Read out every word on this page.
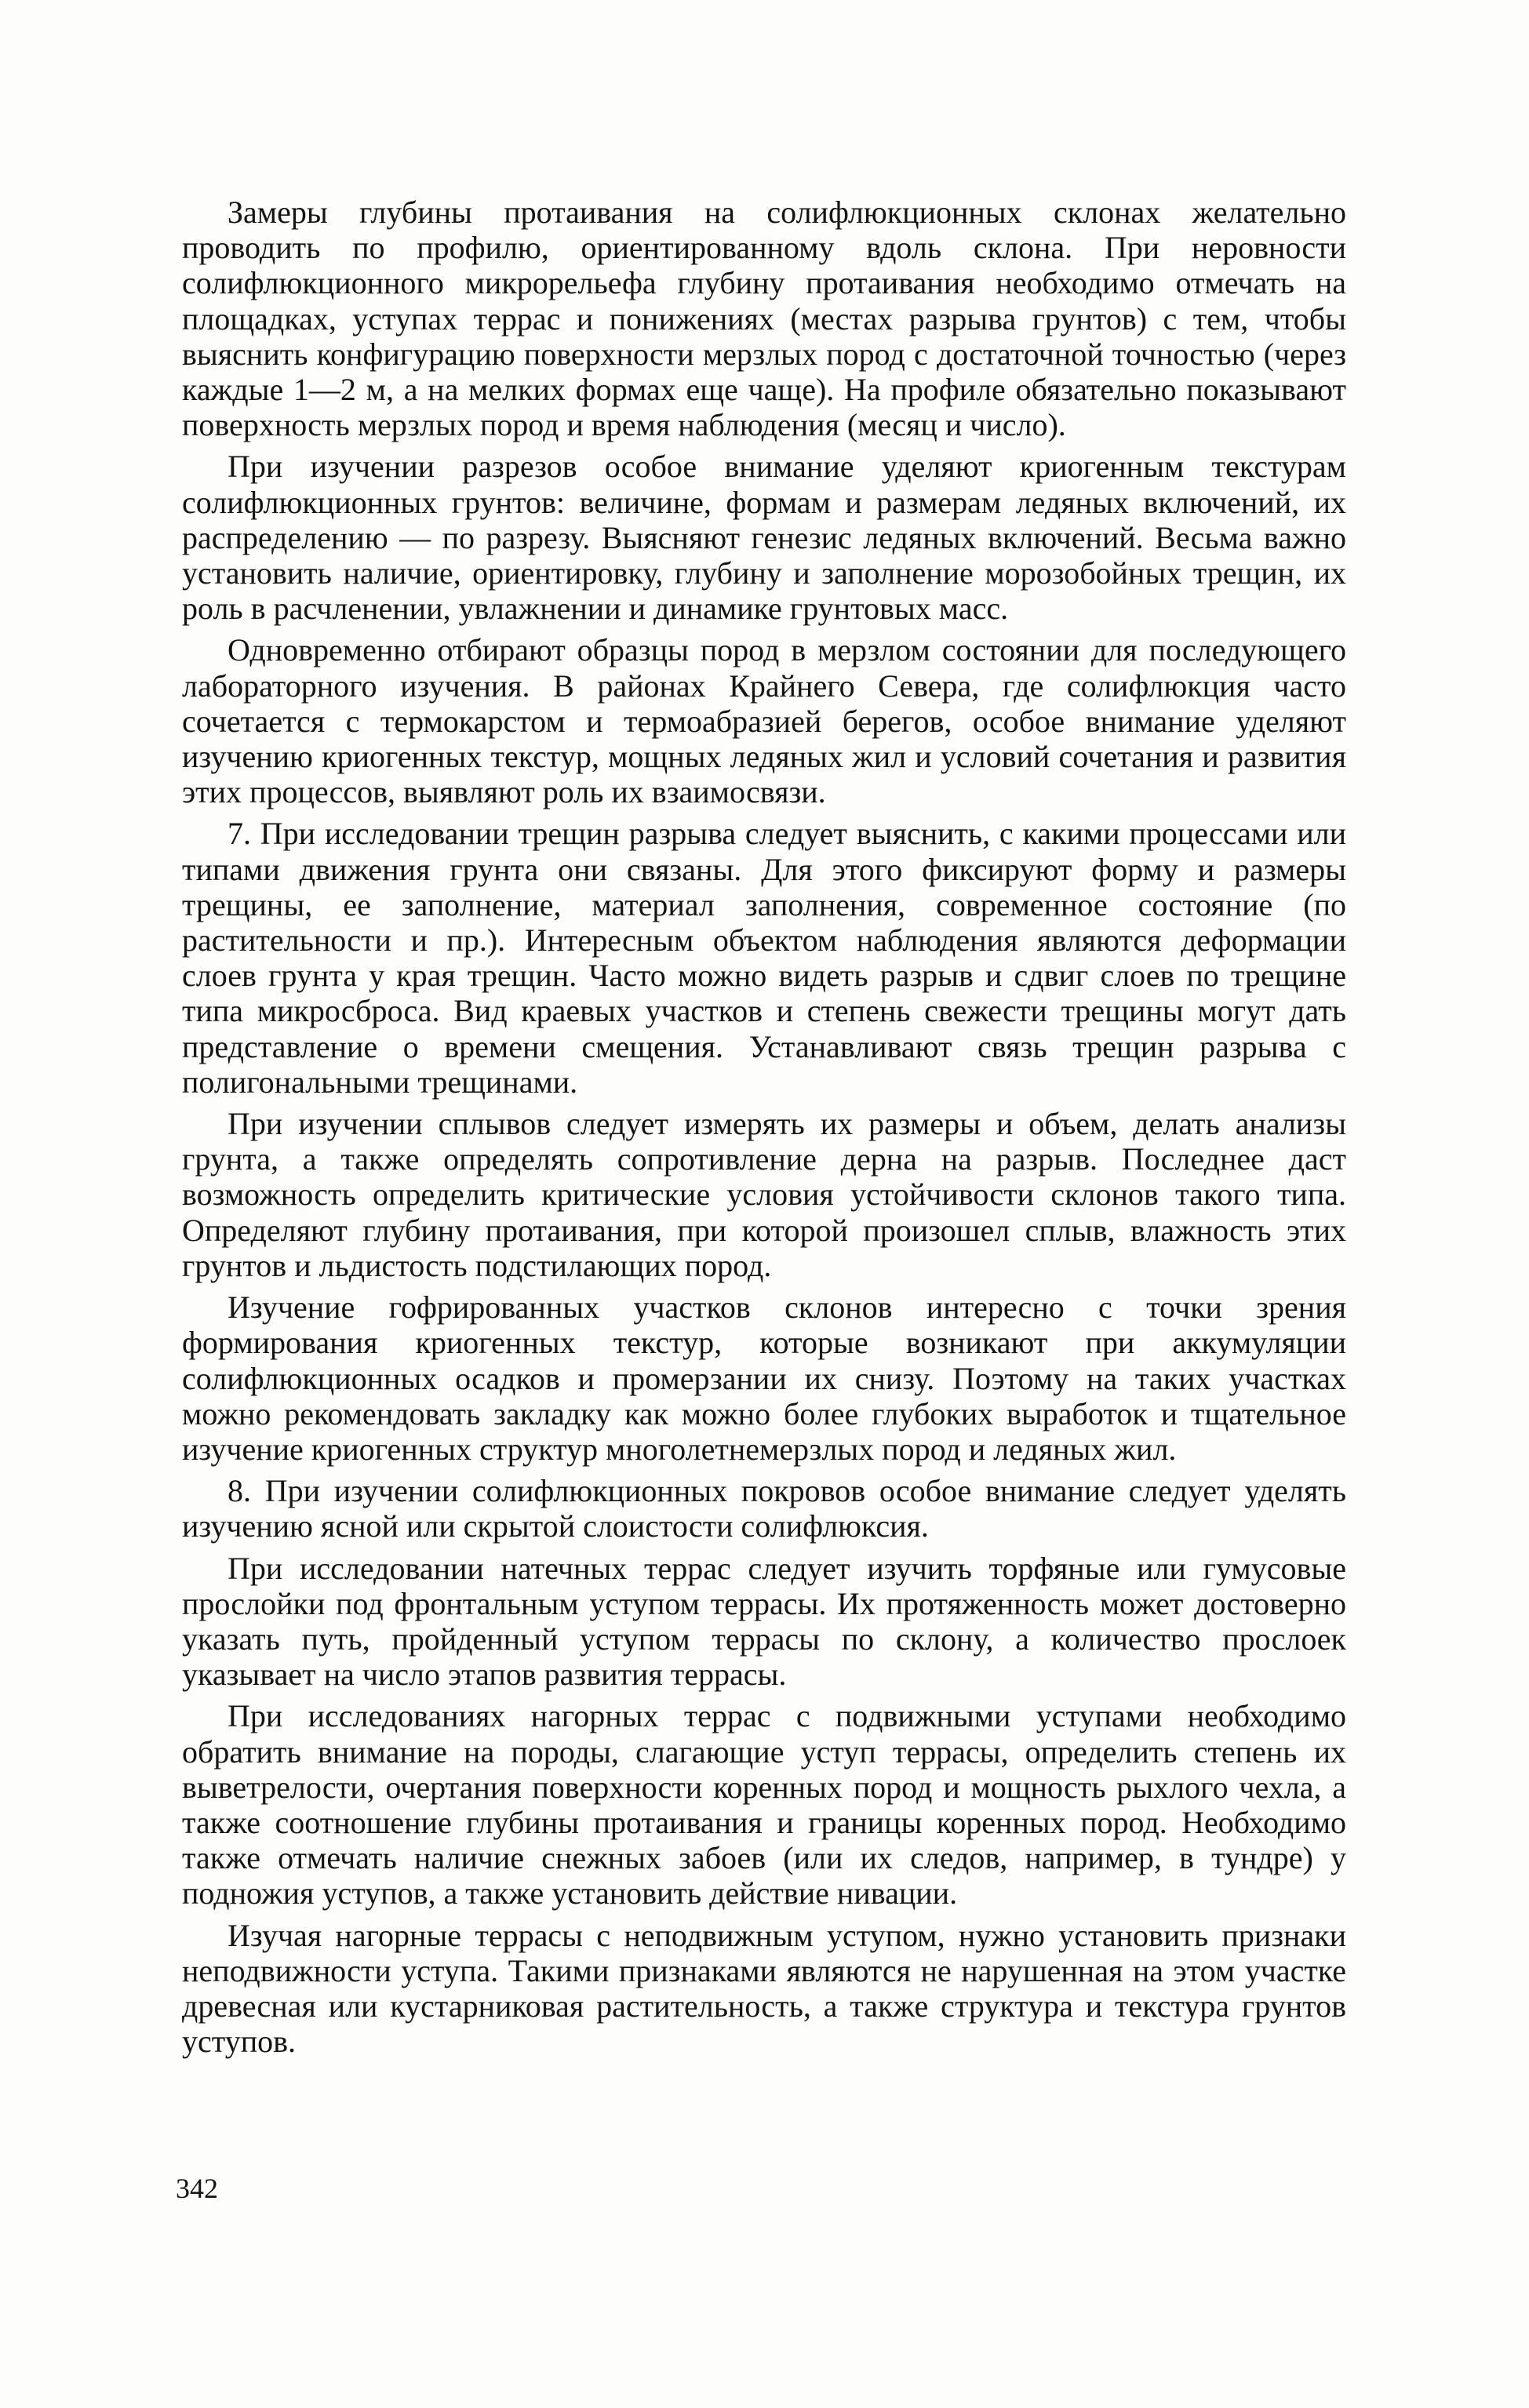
Замеры глубины протаивания на солифлюкционных склонах желательно проводить по профилю, ориентированному вдоль склона. При неровности солифлюкционного микрорельефа глубину протаивания необходимо отмечать на площадках, уступах террас и понижениях (местах разрыва грунтов) с тем, чтобы выяснить конфигурацию поверхности мерзлых пород с достаточной точностью (через каждые 1—2 м, а на мелких формах еще чаще). На профиле обязательно показывают поверхность мерзлых пород и время наблюдения (месяц и число).

При изучении разрезов особое внимание уделяют криогенным текстурам солифлюкционных грунтов: величине, формам и размерам ледяных включений, их распределению — по разрезу. Выясняют генезис ледяных включений. Весьма важно установить наличие, ориентировку, глубину и заполнение морозобойных трещин, их роль в расчленении, увлажнении и динамике грунтовых масс.

Одновременно отбирают образцы пород в мерзлом состоянии для последующего лабораторного изучения. В районах Крайнего Севера, где солифлюкция часто сочетается с термокарстом и термоабразией берегов, особое внимание уделяют изучению криогенных текстур, мощных ледяных жил и условий сочетания и развития этих процессов, выявляют роль их взаимосвязи.

7. При исследовании трещин разрыва следует выяснить, с какими процессами или типами движения грунта они связаны. Для этого фиксируют форму и размеры трещины, ее заполнение, материал заполнения, современное состояние (по растительности и пр.). Интересным объектом наблюдения являются деформации слоев грунта у края трещин. Часто можно видеть разрыв и сдвиг слоев по трещине типа микросброса. Вид краевых участков и степень свежести трещины могут дать представление о времени смещения. Устанавливают связь трещин разрыва с полигональными трещинами.

При изучении сплывов следует измерять их размеры и объем, делать анализы грунта, а также определять сопротивление дерна на разрыв. Последнее даст возможность определить критические условия устойчивости склонов такого типа. Определяют глубину протаивания, при которой произошел сплыв, влажность этих грунтов и льдистость подстилающих пород.

Изучение гофрированных участков склонов интересно с точки зрения формирования криогенных текстур, которые возникают при аккумуляции солифлюкционных осадков и промерзании их снизу. Поэтому на таких участках можно рекомендовать закладку как можно более глубоких выработок и тщательное изучение криогенных структур многолетнемерзлых пород и ледяных жил.

8. При изучении солифлюкционных покровов особое внимание следует уделять изучению ясной или скрытой слоистости солифлюксия.

При исследовании натечных террас следует изучить торфяные или гумусовые прослойки под фронтальным уступом террасы. Их протяженность может достоверно указать путь, пройденный уступом террасы по склону, а количество прослоек указывает на число этапов развития террасы.

При исследованиях нагорных террас с подвижными уступами необходимо обратить внимание на породы, слагающие уступ террасы, определить степень их выветрелости, очертания поверхности коренных пород и мощность рыхлого чехла, а также соотношение глубины протаивания и границы коренных пород. Необходимо также отмечать наличие снежных забоев (или их следов, например, в тундре) у подножия уступов, а также установить действие нивации.

Изучая нагорные террасы с неподвижным уступом, нужно установить признаки неподвижности уступа. Такими признаками являются не нарушенная на этом участке древесная или кустарниковая растительность, а также структура и текстура грунтов уступов.

342
